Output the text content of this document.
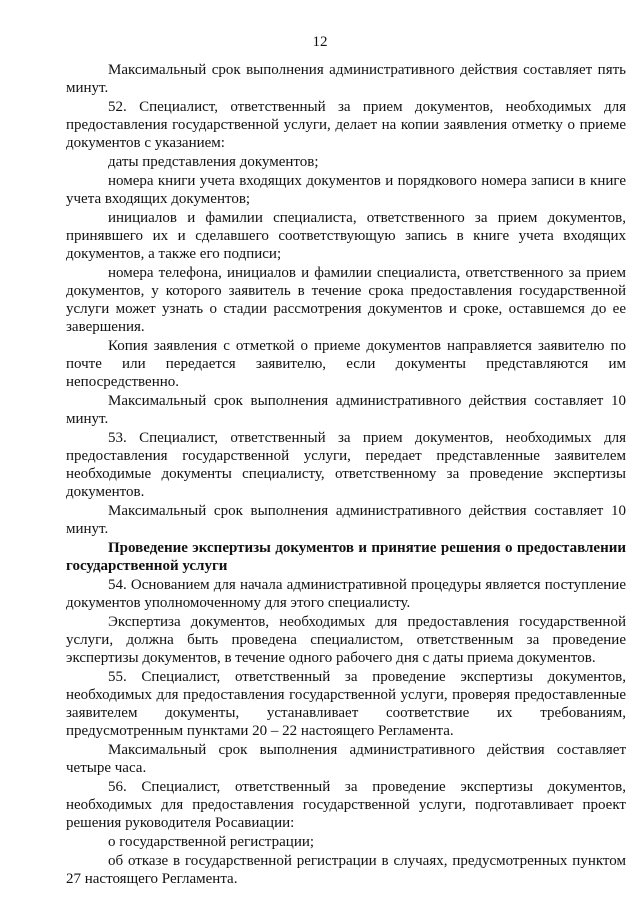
12

Максимальный срок выполнения административного действия составляет пять минут.

52. Специалист, ответственный за прием документов, необходимых для предоставления государственной услуги, делает на копии заявления отметку о приеме документов с указанием:

даты представления документов;

номера книги учета входящих документов и порядкового номера записи в книге учета входящих документов;

инициалов и фамилии специалиста, ответственного за прием документов, принявшего их и сделавшего соответствующую запись в книге учета входящих документов, а также его подписи;

номера телефона, инициалов и фамилии специалиста, ответственного за прием документов, у которого заявитель в течение срока предоставления государственной услуги может узнать о стадии рассмотрения документов и сроке, оставшемся до ее завершения.

Копия заявления с отметкой о приеме документов направляется заявителю по почте или передается заявителю, если документы представляются им непосредственно.

Максимальный срок выполнения административного действия составляет 10 минут.

53. Специалист, ответственный за прием документов, необходимых для предоставления государственной услуги, передает представленные заявителем необходимые документы специалисту, ответственному за проведение экспертизы документов.

Максимальный срок выполнения административного действия составляет 10 минут.

Проведение экспертизы документов и принятие решения о предоставлении государственной услуги

54. Основанием для начала административной процедуры является поступление документов уполномоченному для этого специалисту.

Экспертиза документов, необходимых для предоставления государственной услуги, должна быть проведена специалистом, ответственным за проведение экспертизы документов, в течение одного рабочего дня с даты приема документов.

55. Специалист, ответственный за проведение экспертизы документов, необходимых для предоставления государственной услуги, проверяя предоставленные заявителем документы, устанавливает соответствие их требованиям, предусмотренным пунктами 20 – 22 настоящего Регламента.

Максимальный срок выполнения административного действия составляет четыре часа.

56. Специалист, ответственный за проведение экспертизы документов, необходимых для предоставления государственной услуги, подготавливает проект решения руководителя Росавиации:

о государственной регистрации;

об отказе в государственной регистрации в случаях, предусмотренных пунктом 27 настоящего Регламента.
